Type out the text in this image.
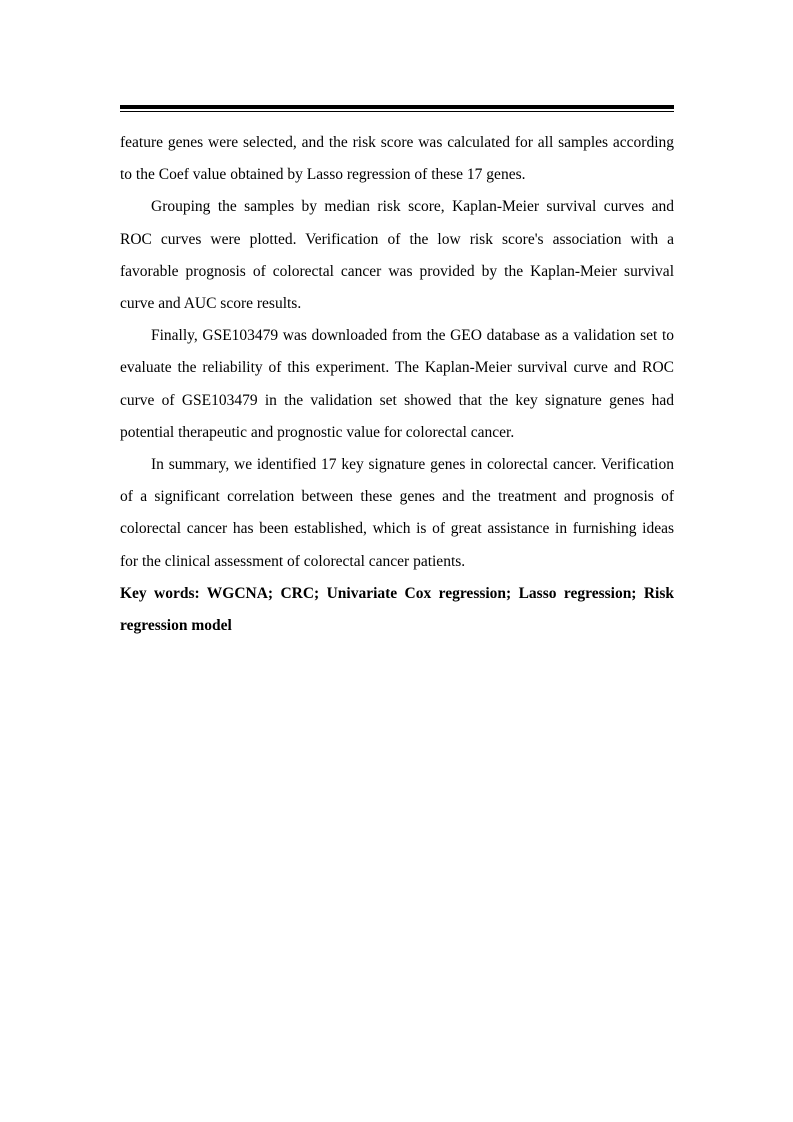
feature genes were selected, and the risk score was calculated for all samples according to the Coef value obtained by Lasso regression of these 17 genes.

Grouping the samples by median risk score, Kaplan-Meier survival curves and ROC curves were plotted. Verification of the low risk score's association with a favorable prognosis of colorectal cancer was provided by the Kaplan-Meier survival curve and AUC score results.

Finally, GSE103479 was downloaded from the GEO database as a validation set to evaluate the reliability of this experiment. The Kaplan-Meier survival curve and ROC curve of GSE103479 in the validation set showed that the key signature genes had potential therapeutic and prognostic value for colorectal cancer.

In summary, we identified 17 key signature genes in colorectal cancer. Verification of a significant correlation between these genes and the treatment and prognosis of colorectal cancer has been established, which is of great assistance in furnishing ideas for the clinical assessment of colorectal cancer patients.

Key words: WGCNA; CRC; Univariate Cox regression; Lasso regression; Risk regression model
